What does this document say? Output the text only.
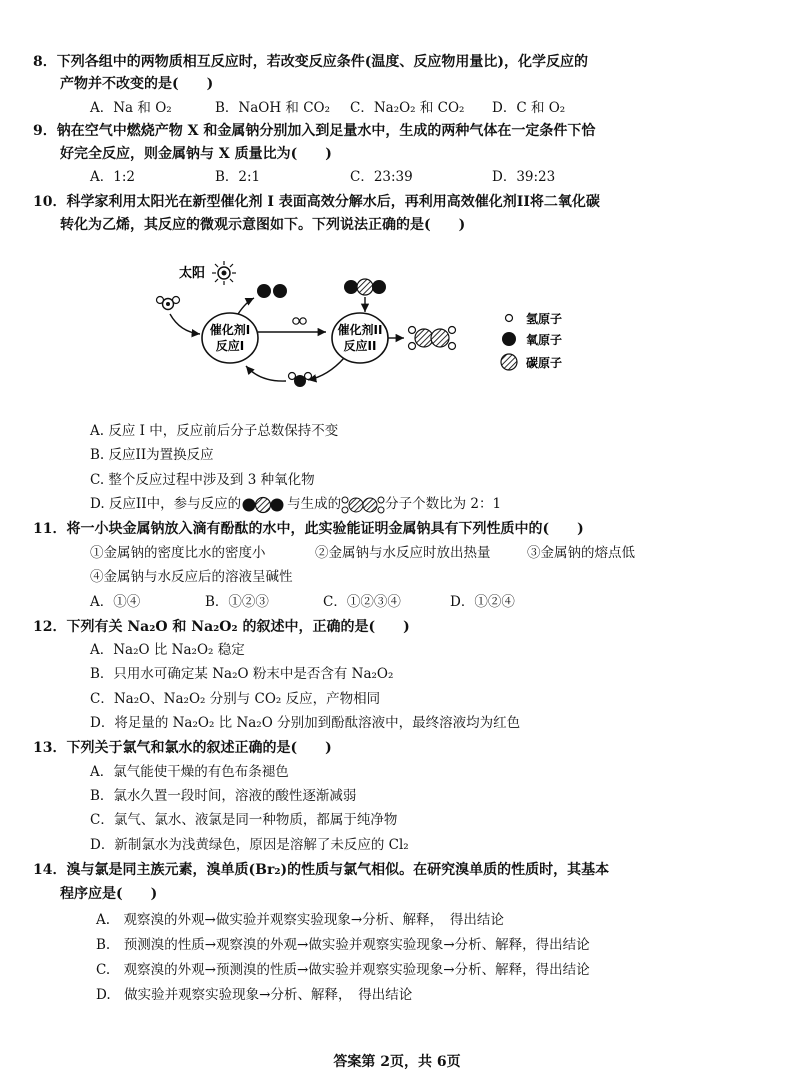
8．下列各组中的两物质相互反应时，若改变反应条件(温度、反应物用量比)，化学反应的
产物并不改变的是(　　)
A．Na 和 O₂	B．NaOH 和 CO₂ C．Na₂O₂ 和 CO₂ D．C 和 O₂
9．钠在空气中燃烧产物 X 和金属钠分别加入到足量水中，生成的两种气体在一定条件下恰
好完全反应，则金属钠与 X 质量比为(　　)
A．1:2	B．2:1	C．23:39	D．39:23
10．科学家利用太阳光在新型催化剂 I 表面高效分解水后，再利用高效催化剂II将二氧化碳
转化为乙烯，其反应的微观示意图如下。下列说法正确的是(　　)
太阳
催化剂I
反应I
催化剂II
反应II
氢原子
氧原子
碳原子
A. 反应 I 中，反应前后分子总数保持不变
B. 反应II为置换反应
C. 整个反应过程中涉及到 3 种氧化物
D. 反应II中，参与反应的	与生成的	分子个数比为 2：1
11．将一小块金属钠放入滴有酚酞的水中，此实验能证明金属钠具有下列性质中的(　　)
①金属钠的密度比水的密度小	②金属钠与水反应时放出热量	③金属钠的熔点低
④金属钠与水反应后的溶液呈碱性
A．①④	B．①②③	C．①②③④	D．①②④
12．下列有关 Na₂O 和 Na₂O₂ 的叙述中，正确的是(　　)
A．Na₂O 比 Na₂O₂ 稳定
B．只用水可确定某 Na₂O 粉末中是否含有 Na₂O₂
C．Na₂O、Na₂O₂ 分别与 CO₂ 反应，产物相同
D．将足量的 Na₂O₂ 比 Na₂O 分别加到酚酞溶液中，最终溶液均为红色
13．下列关于氯气和氯水的叙述正确的是(　　)
A．氯气能使干燥的有色布条褪色
B．氯水久置一段时间，溶液的酸性逐渐减弱
C．氯气、氯水、液氯是同一种物质，都属于纯净物
D．新制氯水为浅黄绿色，原因是溶解了未反应的 Cl₂
14．溴与氯是同主族元素，溴单质(Br₂)的性质与氯气相似。在研究溴单质的性质时，其基本
程序应是(　　)
A.　观察溴的外观→做实验并观察实验现象→分析、解释，　得出结论
B.　预测溴的性质→观察溴的外观→做实验并观察实验现象→分析、解释，得出结论
C.　观察溴的外观→预测溴的性质→做实验并观察实验现象→分析、解释，得出结论
D.　做实验并观察实验现象→分析、解释，　得出结论
答案第 2页，共 6页
